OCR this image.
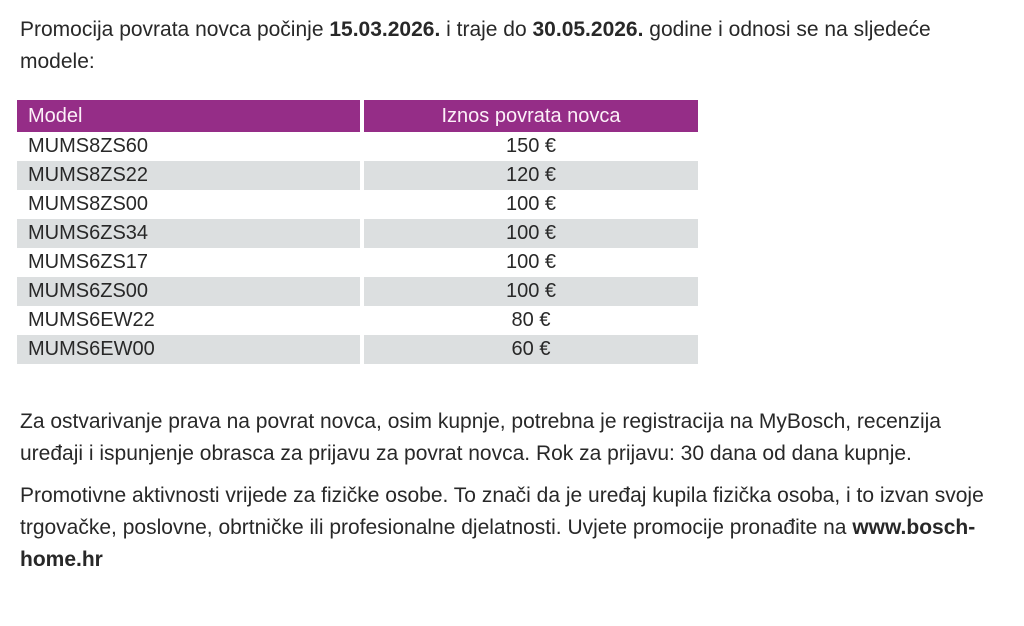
Promocija povrata novca počinje 15.03.2026. i traje do 30.05.2026. godine i odnosi se na sljedeće modele:

Model	Iznos povrata novca
MUMS8ZS60	150 €
MUMS8ZS22	120 €
MUMS8ZS00	100 €
MUMS6ZS34	100 €
MUMS6ZS17	100 €
MUMS6ZS00	100 €
MUMS6EW22	80 €
MUMS6EW00	60 €

Za ostvarivanje prava na povrat novca, osim kupnje, potrebna je registracija na MyBosch, recenzija uređaji i ispunjenje obrasca za prijavu za povrat novca. Rok za prijavu: 30 dana od dana kupnje.

Promotivne aktivnosti vrijede za fizičke osobe. To znači da je uređaj kupila fizička osoba, i to izvan svoje trgovačke, poslovne, obrtničke ili profesionalne djelatnosti. Uvjete promocije pronađite na www.bosch-home.hr
